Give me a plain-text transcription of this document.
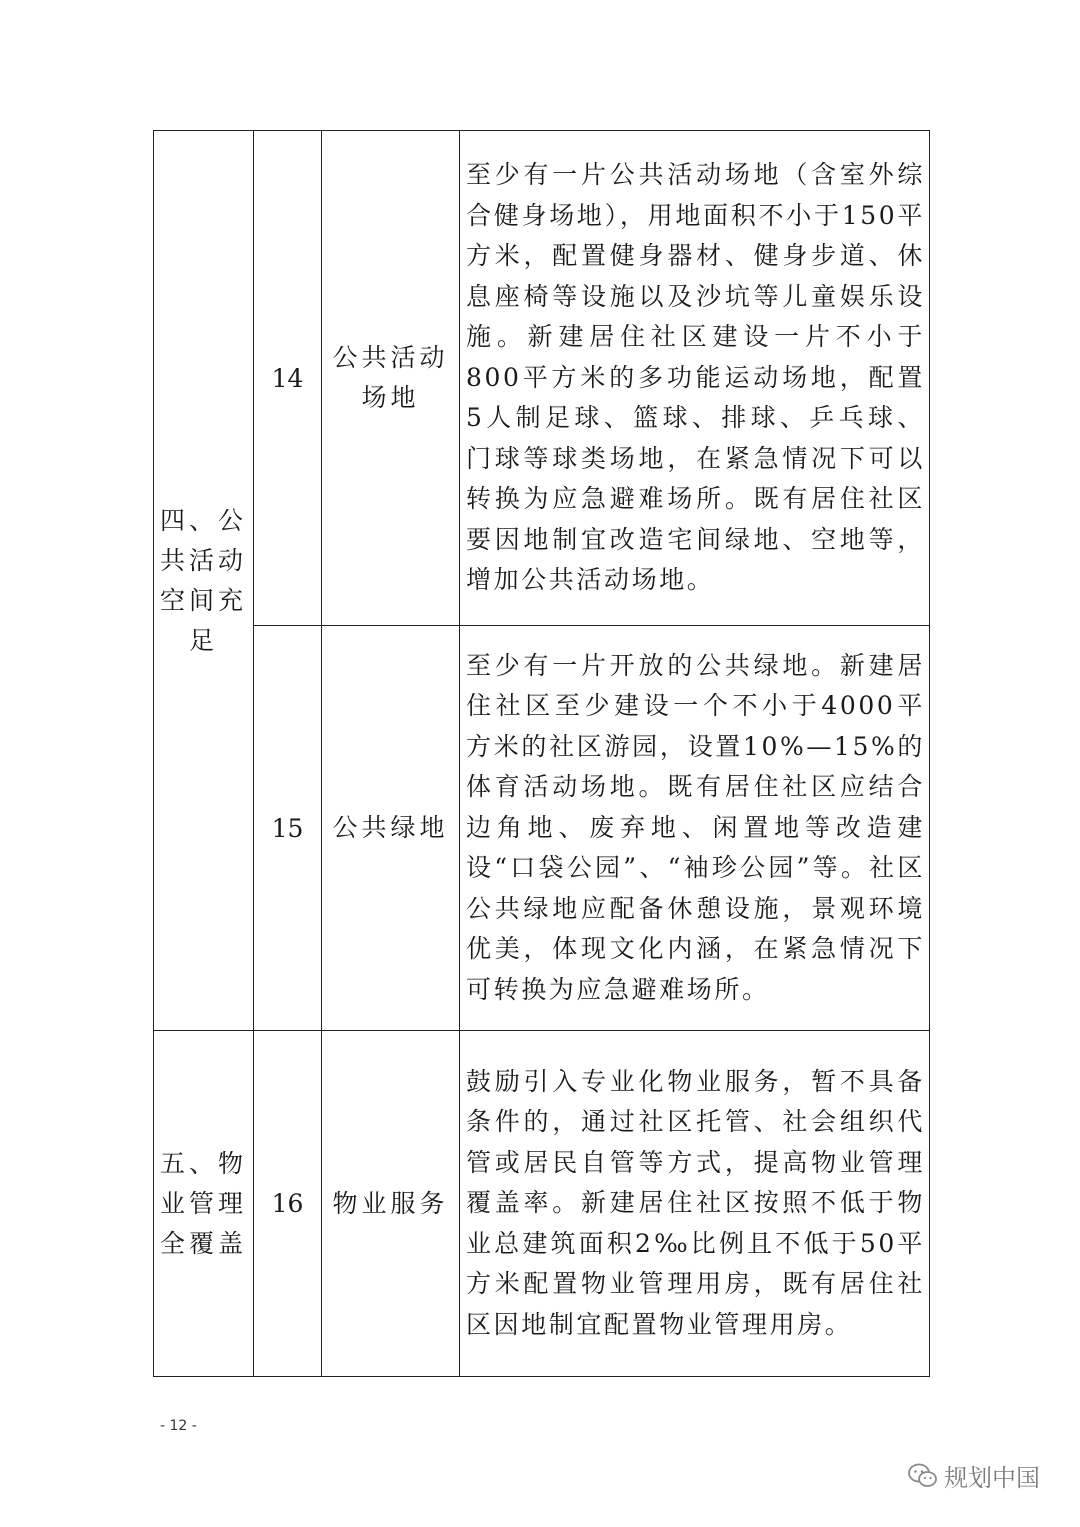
四、公共活动空间充足	14	公共活动场地	至少有一片公共活动场地（含室外综合健身场地），用地面积不小于150平方米，配置健身器材、健身步道、休息座椅等设施以及沙坑等儿童娱乐设施。新建居住社区建设一片不小于800平方米的多功能运动场地，配置5人制足球、篮球、排球、乒乓球、门球等球类场地，在紧急情况下可以转换为应急避难场所。既有居住社区要因地制宜改造宅间绿地、空地等，增加公共活动场地。
	15	公共绿地	至少有一片开放的公共绿地。新建居住社区至少建设一个不小于4000平方米的社区游园，设置10%—15%的体育活动场地。既有居住社区应结合边角地、废弃地、闲置地等改造建设“口袋公园”、“袖珍公园”等。社区公共绿地应配备休憩设施，景观环境优美，体现文化内涵，在紧急情况下可转换为应急避难场所。
五、物业管理全覆盖	16	物业服务	鼓励引入专业化物业服务，暂不具备条件的，通过社区托管、社会组织代管或居民自管等方式，提高物业管理覆盖率。新建居住社区按照不低于物业总建筑面积2‰比例且不低于50平方米配置物业管理用房，既有居住社区因地制宜配置物业管理用房。
- 12 -
规划中国
